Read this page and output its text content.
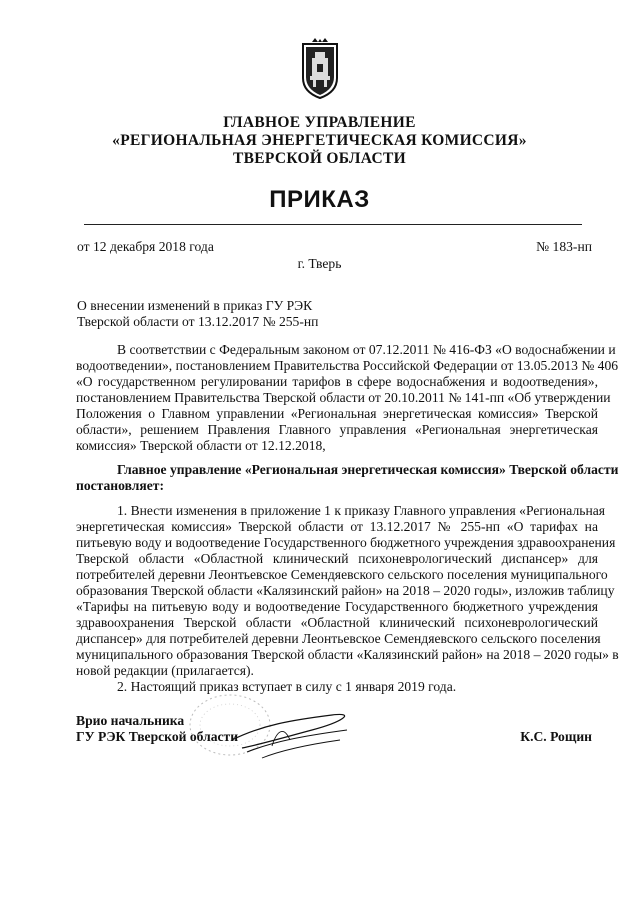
ГЛАВНОЕ УПРАВЛЕНИЕ
«РЕГИОНАЛЬНАЯ ЭНЕРГЕТИЧЕСКАЯ КОМИССИЯ»
ТВЕРСКОЙ ОБЛАСТИ
ПРИКАЗ
от 12 декабря 2018 года	№ 183-нп
г. Тверь
О внесении изменений в приказ ГУ РЭК
Тверской области от 13.12.2017 № 255-нп
В соответствии с Федеральным законом от 07.12.2011 № 416-ФЗ «О водоснабжении и
водоотведении», постановлением Правительства Российской Федерации от 13.05.2013 № 406
«О государственном регулировании тарифов в сфере водоснабжения и водоотведения»,
постановлением Правительства Тверской области от 20.10.2011 № 141-пп «Об утверждении
Положения о Главном управлении «Региональная энергетическая комиссия» Тверской
области», решением Правления Главного управления «Региональная энергетическая
комиссия» Тверской области от 12.12.2018,
Главное управление «Региональная энергетическая комиссия» Тверской области
постановляет:
1. Внести изменения в приложение 1 к приказу Главного управления «Региональная
энергетическая комиссия» Тверской области от 13.12.2017 № 255-нп «О тарифах на
питьевую воду и водоотведение Государственного бюджетного учреждения здравоохранения
Тверской области «Областной клинический психоневрологический диспансер» для
потребителей деревни Леонтьевское Семендяевского сельского поселения муниципального
образования Тверской области «Калязинский район» на 2018 – 2020 годы», изложив таблицу
«Тарифы на питьевую воду и водоотведение Государственного бюджетного учреждения
здравоохранения Тверской области «Областной клинический психоневрологический
диспансер» для потребителей деревни Леонтьевское Семендяевского сельского поселения
муниципального образования Тверской области «Калязинский район» на 2018 – 2020 годы» в
новой редакции (прилагается).
2. Настоящий приказ вступает в силу с 1 января 2019 года.
Врио начальника
ГУ РЭК Тверской области	К.С. Рощин
